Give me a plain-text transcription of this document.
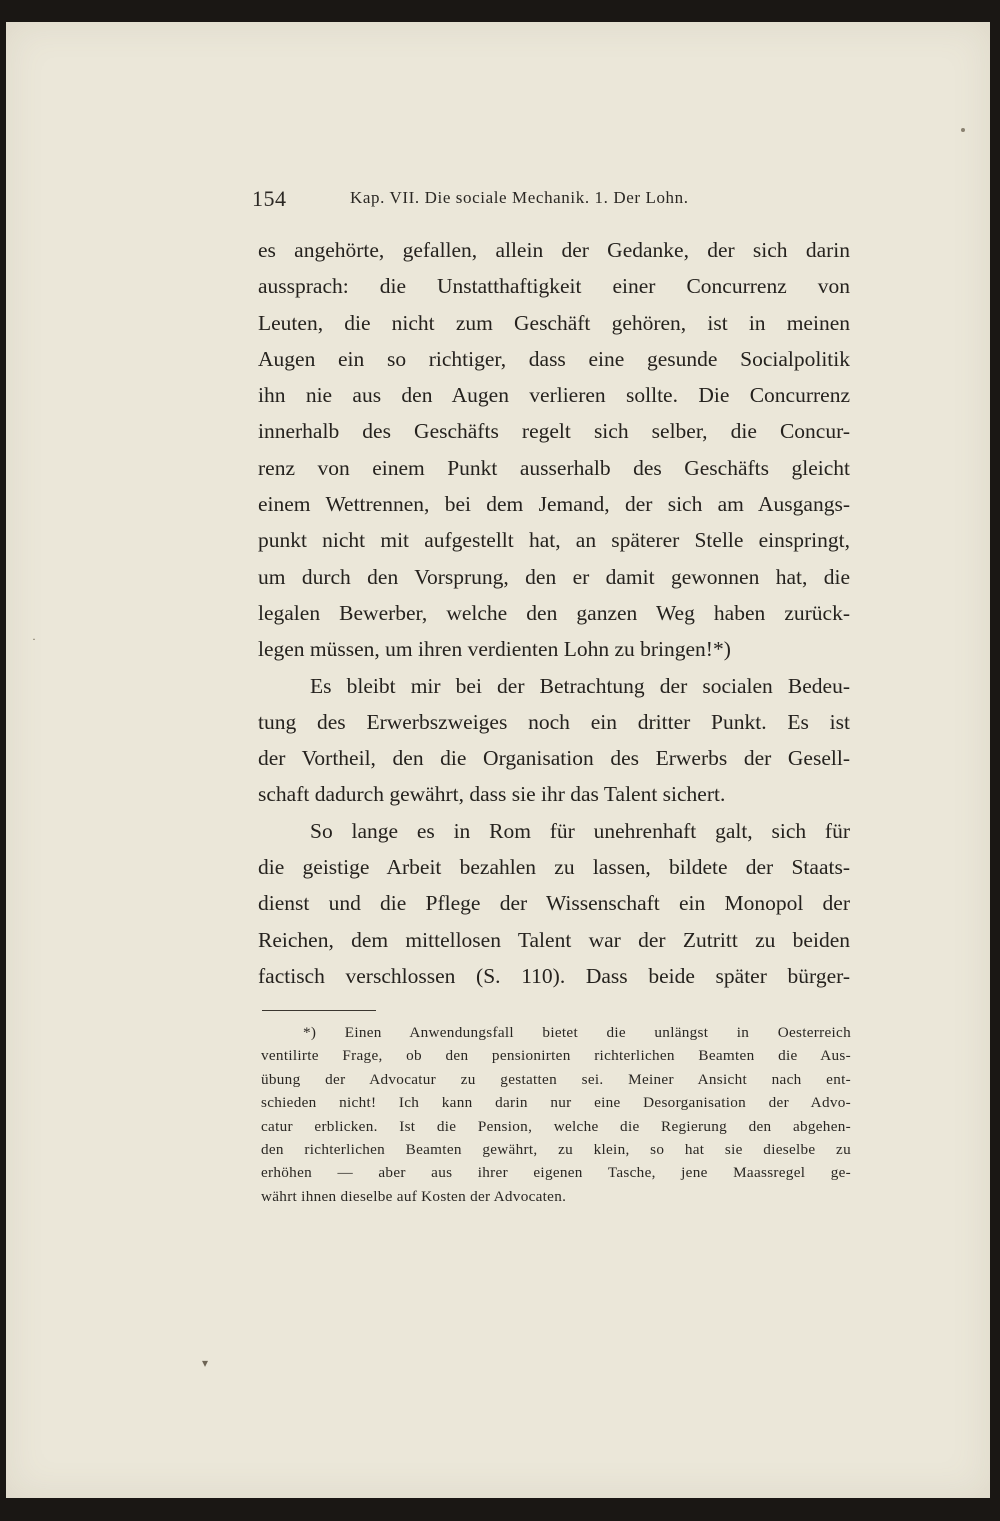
▾
·
154	Kap. VII. Die sociale Mechanik. 1. Der Lohn.
es angehörte, gefallen, allein der Gedanke, der sich darin
aussprach: die Unstatthaftigkeit einer Concurrenz von
Leuten, die nicht zum Geschäft gehören, ist in meinen
Augen ein so richtiger, dass eine gesunde Socialpolitik
ihn nie aus den Augen verlieren sollte. Die Concurrenz
innerhalb des Geschäfts regelt sich selber, die Concur-
renz von einem Punkt ausserhalb des Geschäfts gleicht
einem Wettrennen, bei dem Jemand, der sich am Ausgangs-
punkt nicht mit aufgestellt hat, an späterer Stelle einspringt,
um durch den Vorsprung, den er damit gewonnen hat, die
legalen Bewerber, welche den ganzen Weg haben zurück-
legen müssen, um ihren verdienten Lohn zu bringen!*)
Es bleibt mir bei der Betrachtung der socialen Bedeu-
tung des Erwerbszweiges noch ein dritter Punkt. Es ist
der Vortheil, den die Organisation des Erwerbs der Gesell-
schaft dadurch gewährt, dass sie ihr das Talent sichert.
So lange es in Rom für unehrenhaft galt, sich für
die geistige Arbeit bezahlen zu lassen, bildete der Staats-
dienst und die Pflege der Wissenschaft ein Monopol der
Reichen, dem mittellosen Talent war der Zutritt zu beiden
factisch verschlossen (S. 110). Dass beide später bürger-
*) Einen Anwendungsfall bietet die unlängst in Oesterreich
ventilirte Frage, ob den pensionirten richterlichen Beamten die Aus-
übung der Advocatur zu gestatten sei. Meiner Ansicht nach ent-
schieden nicht! Ich kann darin nur eine Desorganisation der Advo-
catur erblicken. Ist die Pension, welche die Regierung den abgehen-
den richterlichen Beamten gewährt, zu klein, so hat sie dieselbe zu
erhöhen — aber aus ihrer eigenen Tasche, jene Maassregel ge-
währt ihnen dieselbe auf Kosten der Advocaten.
